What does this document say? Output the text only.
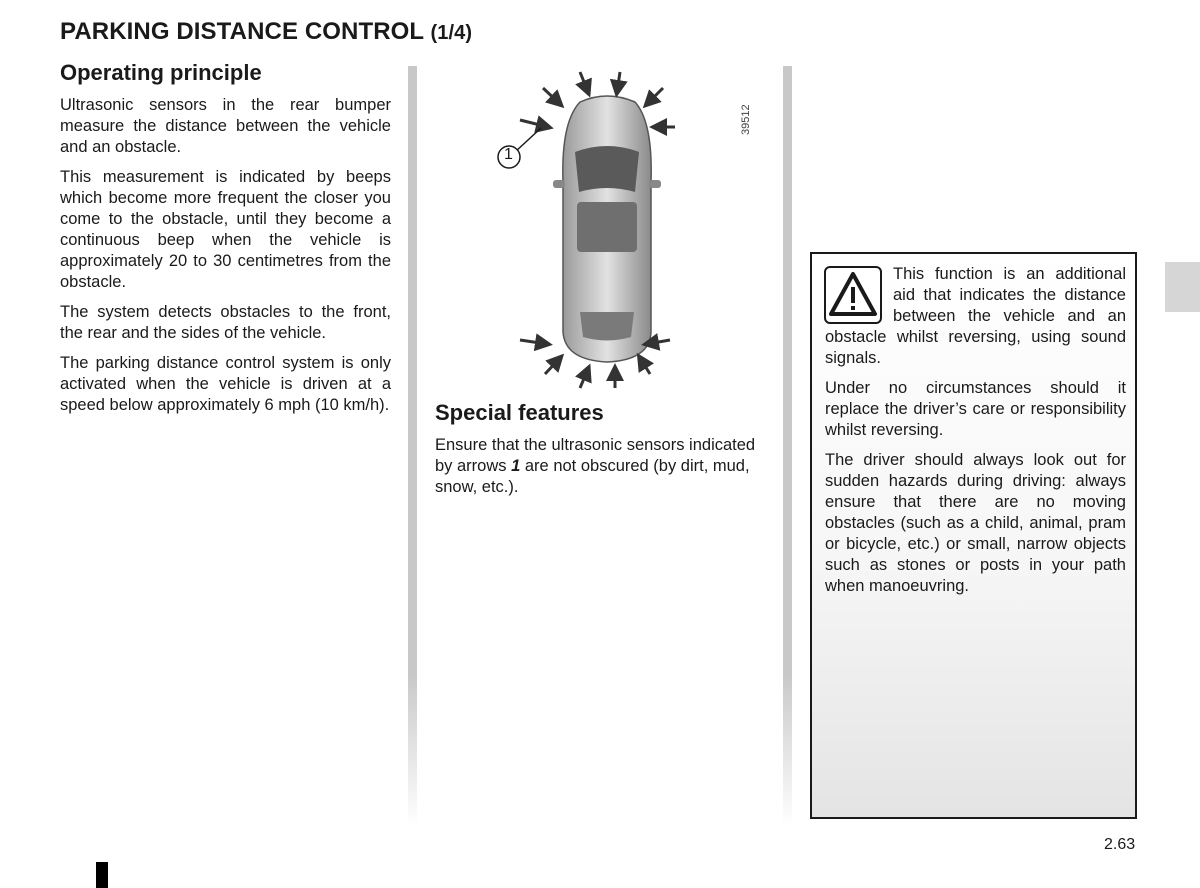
PARKING DISTANCE CONTROL (1/4)
Operating principle

Ultrasonic sensors in the rear bumper measure the distance between the vehicle and an obstacle.

This measurement is indicated by beeps which become more frequent the closer you come to the obstacle, until they become a continuous beep when the vehicle is approximately 20 to 30 centimetres from the obstacle.

The system detects obstacles to the front, the rear and the sides of the vehicle.

The parking distance control system is only activated when the vehicle is driven at a speed below approximately 6 mph (10 km/h).

1
39512
Special features

Ensure that the ultrasonic sensors indicated by arrows 1 are not obscured (by dirt, mud, snow, etc.).

This function is an additional aid that indicates the distance between the vehicle and an obstacle whilst reversing, using sound signals.

Under no circumstances should it replace the driver’s care or responsibility whilst reversing.

The driver should always look out for sudden hazards during driving: always ensure that there are no moving obstacles (such as a child, animal, pram or bicycle, etc.) or small, narrow objects such as stones or posts in your path when manoeuvring.

2.63
